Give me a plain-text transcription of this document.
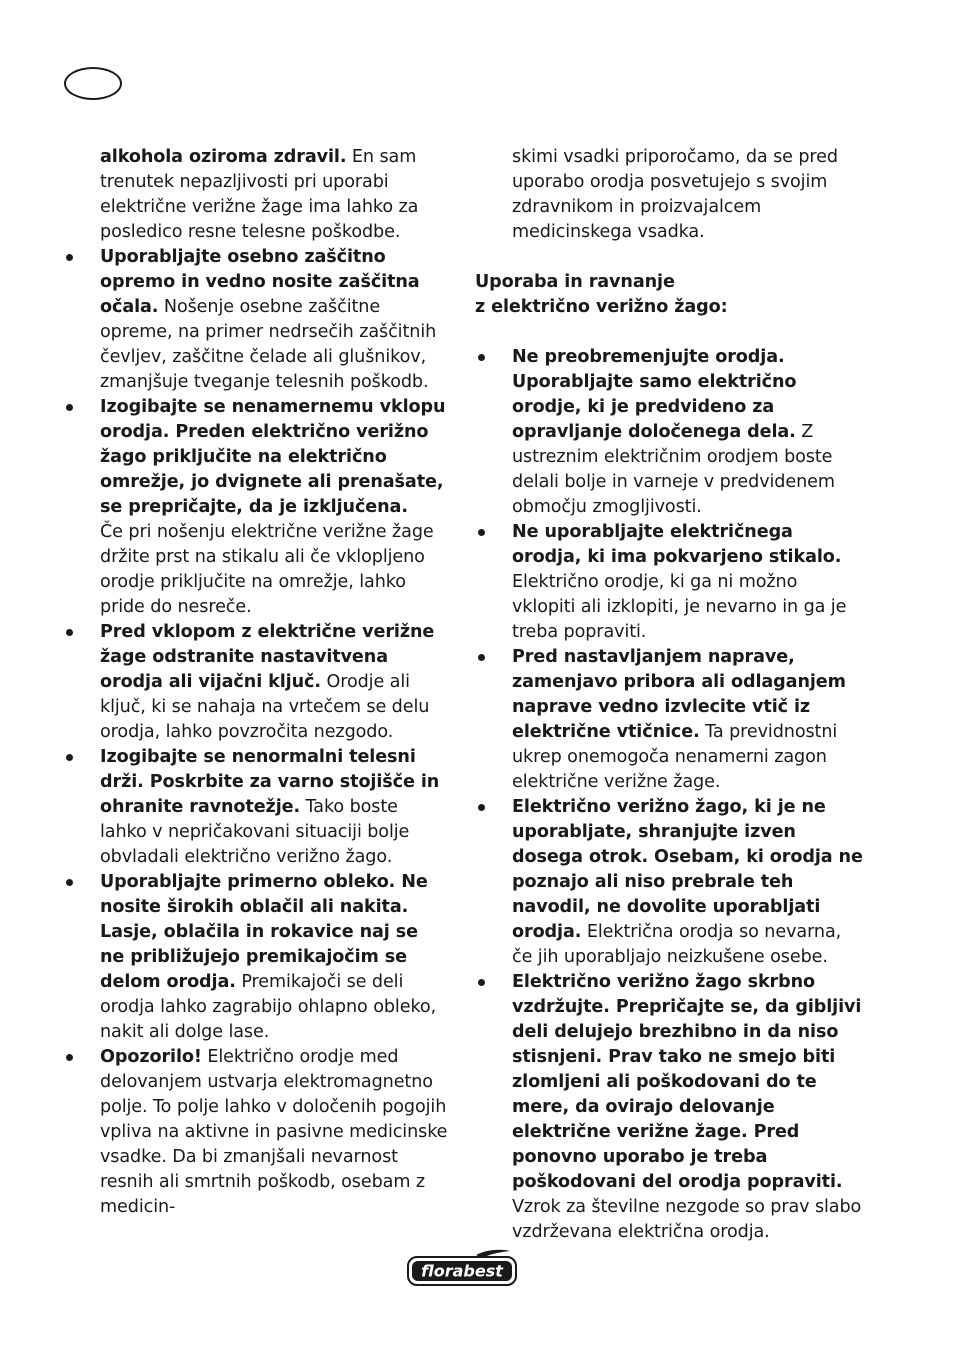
alkohola oziroma zdravil. En sam trenutek nepazljivosti pri uporabi električne verižne žage ima lahko za posledico resne telesne poškodbe.

Uporabljajte osebno zaščitno opremo in vedno nosite zaščitna očala. Nošenje osebne zaščitne opreme, na primer nedrsečih zaščitnih čevljev, zaščitne čelade ali glušnikov, zmanjšuje tveganje telesnih poškodb.
Izogibajte se nenamernemu vklopu orodja. Preden električno verižno žago priključite na električno omrežje, jo dvignete ali prenašate, se prepričajte, da je izključena.
Če pri nošenju električne verižne žage držite prst na stikalu ali če vklopljeno orodje priključite na omrežje, lahko pride do nesreče.
Pred vklopom z električne verižne žage odstranite nastavitvena orodja ali vijačni ključ. Orodje ali ključ, ki se nahaja na vrtečem se delu orodja, lahko povzročita nezgodo.
Izogibajte se nenormalni telesni drži. Poskrbite za varno stojišče in ohranite ravnotežje. Tako boste lahko v nepričakovani situaciji bolje obvladali električno verižno žago.
Uporabljajte primerno obleko. Ne nosite širokih oblačil ali nakita. Lasje, oblačila in rokavice naj se ne približujejo premikajočim se delom orodja. Premikajoči se deli orodja lahko zagrabijo ohlapno obleko, nakit ali dolge lase.
Opozorilo! Električno orodje med delovanjem ustvarja elektromagnetno polje. To polje lahko v določenih pogojih vpliva na aktivne in pasivne medicinske vsadke. Da bi zmanjšali nevarnost resnih ali smrtnih poškodb, osebam z medicin-

skimi vsadki priporočamo, da se pred uporabo orodja posvetujejo s svojim zdravnikom in proizvajalcem medicinskega vsadka.

Uporaba in ravnanje
z električno verižno žago:

Ne preobremenjujte orodja. Uporabljajte samo električno orodje, ki je predvideno za opravljanje določenega dela. Z ustreznim električnim orodjem boste delali bolje in varneje v predvidenem območju zmogljivosti.
Ne uporabljajte električnega orodja, ki ima pokvarjeno stikalo. Električno orodje, ki ga ni možno vklopiti ali izklopiti, je nevarno in ga je treba popraviti.
Pred nastavljanjem naprave, zamenjavo pribora ali odlaganjem naprave vedno izvlecite vtič iz električne vtičnice. Ta previdnostni ukrep onemogoča nenamerni zagon električne verižne žage.
Električno verižno žago, ki je ne uporabljate, shranjujte izven dosega otrok. Osebam, ki orodja ne poznajo ali niso prebrale teh navodil, ne dovolite uporabljati orodja. Električna orodja so nevarna, če jih uporabljajo neizkušene osebe.
Električno verižno žago skrbno vzdržujte. Prepričajte se, da gibljivi deli delujejo brezhibno in da niso stisnjeni. Prav tako ne smejo biti zlomljeni ali poškodovani do te mere, da ovirajo delovanje električne verižne žage. Pred ponovno uporabo je treba poškodovani del orodja popraviti. Vzrok za številne nezgode so prav slabo vzdrževana električna orodja.
florabest
